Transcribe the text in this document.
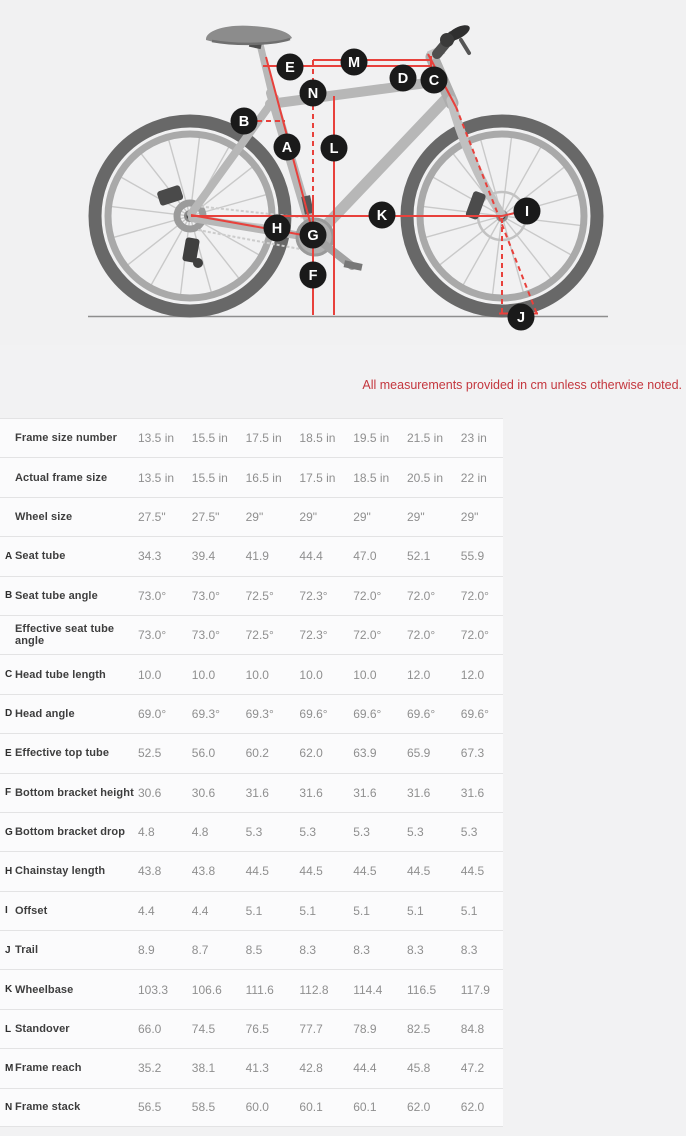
A
B
C
D
E
F
G
H
I
J
K
L
M
N
All measurements provided in cm unless otherwise noted.
Frame size number	13.5 in	15.5 in	17.5 in	18.5 in	19.5 in	21.5 in	23 in
Actual frame size	13.5 in	15.5 in	16.5 in	17.5 in	18.5 in	20.5 in	22 in
Wheel size	27.5"	27.5"	29"	29"	29"	29"	29"
A Seat tube	34.3	39.4	41.9	44.4	47.0	52.1	55.9
B Seat tube angle	73.0°	73.0°	72.5°	72.3°	72.0°	72.0°	72.0°
Effective seat tube angle	73.0°	73.0°	72.5°	72.3°	72.0°	72.0°	72.0°
C Head tube length	10.0	10.0	10.0	10.0	10.0	12.0	12.0
D Head angle	69.0°	69.3°	69.3°	69.6°	69.6°	69.6°	69.6°
E Effective top tube	52.5	56.0	60.2	62.0	63.9	65.9	67.3
F Bottom bracket height 30.6	30.6	31.6	31.6	31.6	31.6	31.6
G Bottom bracket drop	4.8	4.8	5.3	5.3	5.3	5.3	5.3
H Chainstay length	43.8	43.8	44.5	44.5	44.5	44.5	44.5
I Offset	4.4	4.4	5.1	5.1	5.1	5.1	5.1
J Trail	8.9	8.7	8.5	8.3	8.3	8.3	8.3
K Wheelbase	103.3	106.6	111.6	112.8	114.4	116.5	117.9
L Standover	66.0	74.5	76.5	77.7	78.9	82.5	84.8
M Frame reach	35.2	38.1	41.3	42.8	44.4	45.8	47.2
N Frame stack	56.5	58.5	60.0	60.1	60.1	62.0	62.0
